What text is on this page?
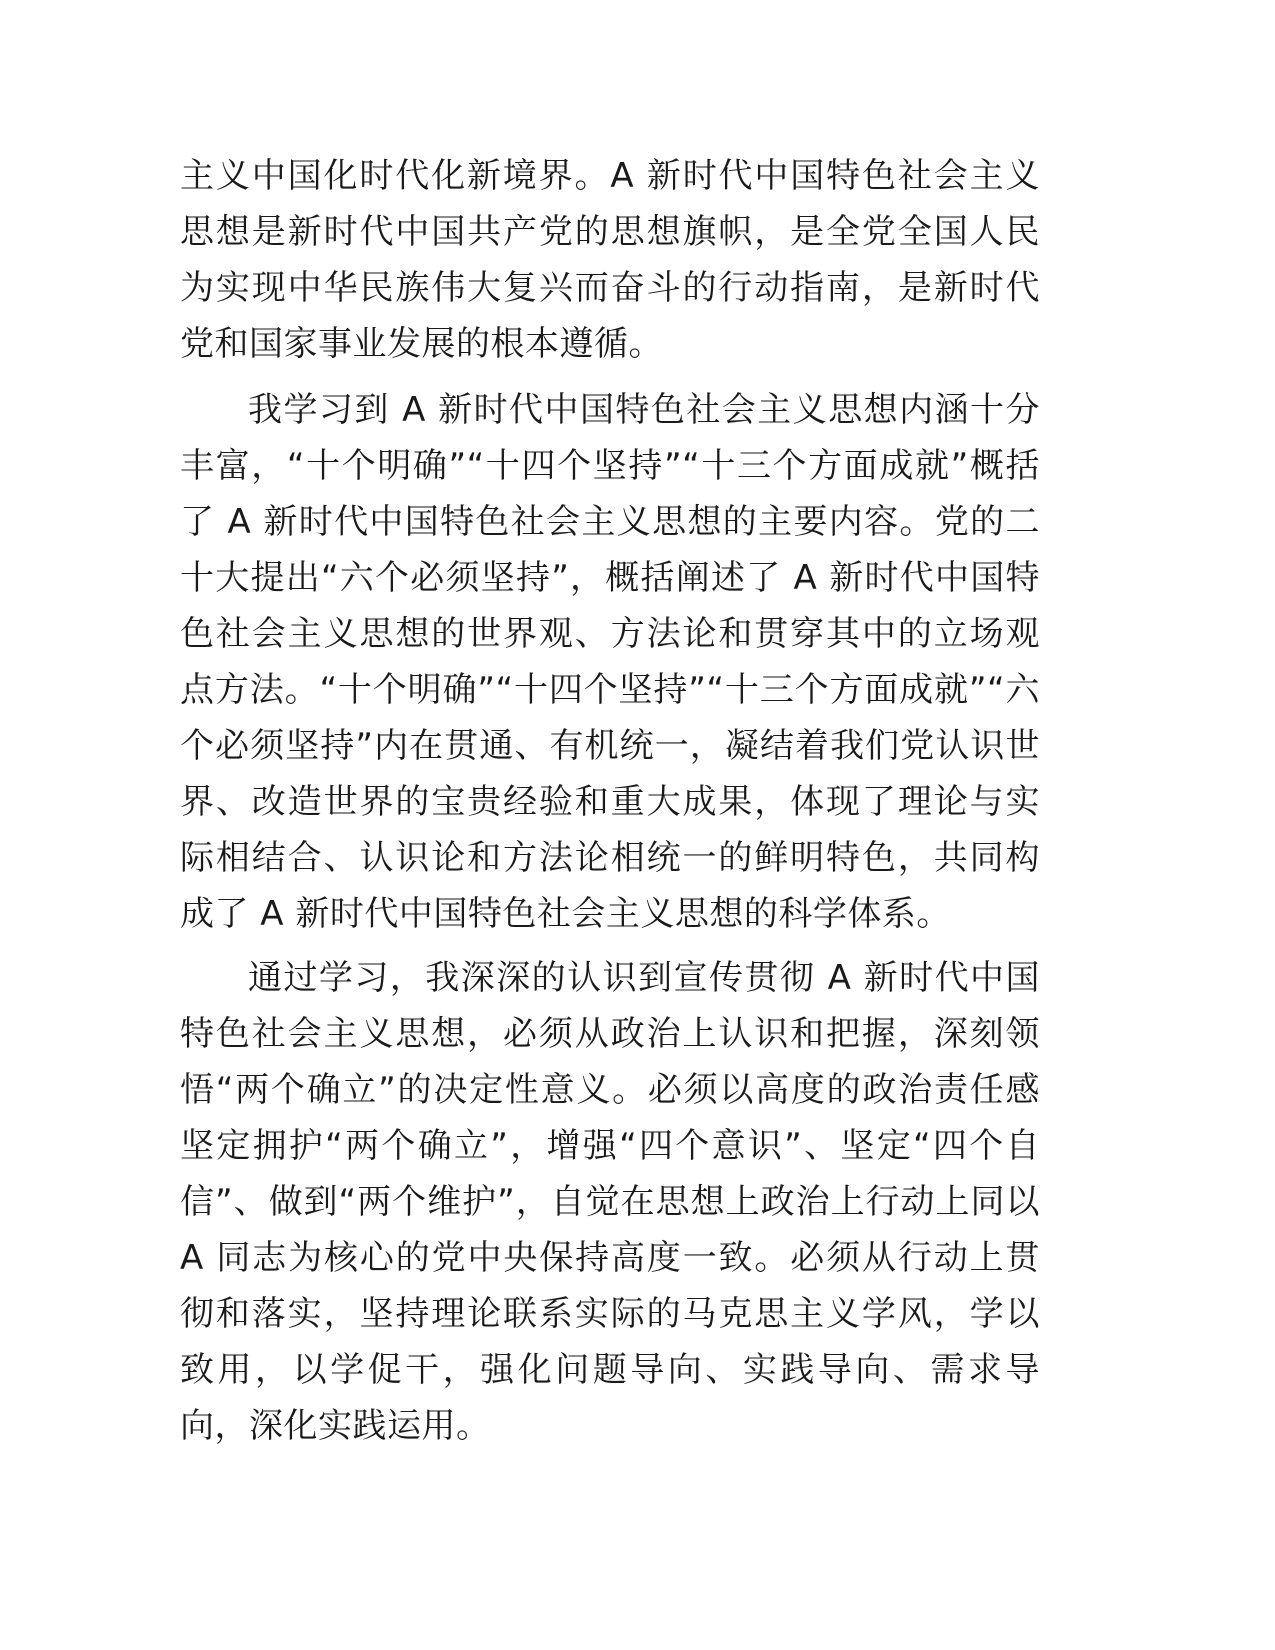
主义中国化时代化新境界。A 新时代中国特色社会主义思想是新时代中国共产党的思想旗帜，是全党全国人民为实现中华民族伟大复兴而奋斗的行动指南，是新时代党和国家事业发展的根本遵循。

我学习到 A 新时代中国特色社会主义思想内涵十分丰富，“十个明确”“十四个坚持”“十三个方面成就”概括了 A 新时代中国特色社会主义思想的主要内容。党的二十大提出“六个必须坚持”，概括阐述了 A 新时代中国特色社会主义思想的世界观、方法论和贯穿其中的立场观点方法。“十个明确”“十四个坚持”“十三个方面成就”“六个必须坚持”内在贯通、有机统一，凝结着我们党认识世界、改造世界的宝贵经验和重大成果，体现了理论与实际相结合、认识论和方法论相统一的鲜明特色，共同构成了 A 新时代中国特色社会主义思想的科学体系。

通过学习，我深深的认识到宣传贯彻 A 新时代中国特色社会主义思想，必须从政治上认识和把握，深刻领悟“两个确立”的决定性意义。必须以高度的政治责任感坚定拥护“两个确立”，增强“四个意识”、坚定“四个自信”、做到“两个维护”，自觉在思想上政治上行动上同以 A 同志为核心的党中央保持高度一致。必须从行动上贯彻和落实，坚持理论联系实际的马克思主义学风，学以致用，以学促干，强化问题导向、实践导向、需求导向，深化实践运用。
